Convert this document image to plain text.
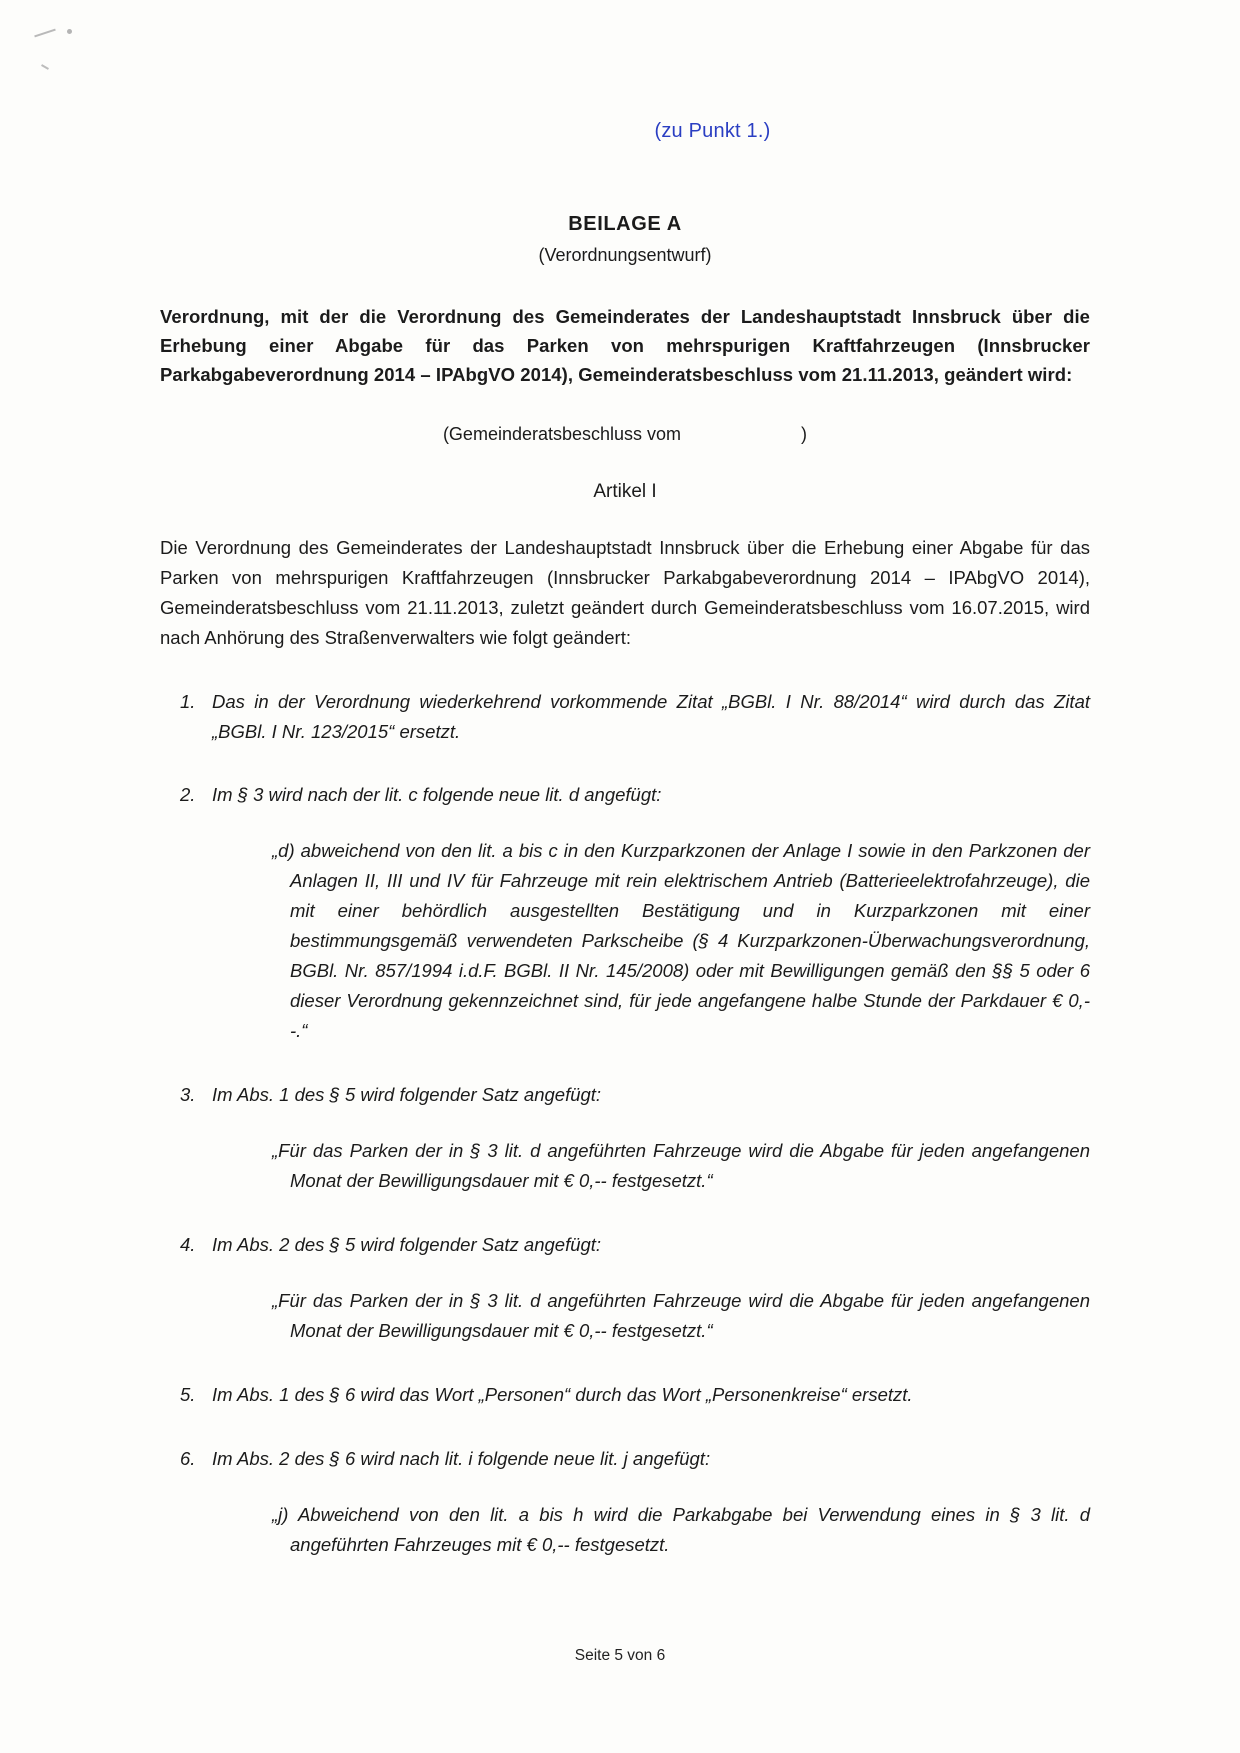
(zu Punkt 1.)
BEILAGE A
(Verordnungsentwurf)
Verordnung, mit der die Verordnung des Gemeinderates der Landeshauptstadt Innsbruck über die Erhebung einer Abgabe für das Parken von mehrspurigen Kraftfahrzeugen (Innsbrucker Parkabgabeverordnung 2014 – IPAbgVO 2014), Gemeinderatsbeschluss vom 21.11.2013, geändert wird:
(Gemeinderatsbeschluss vom	)
Artikel I
Die Verordnung des Gemeinderates der Landeshauptstadt Innsbruck über die Erhebung einer Abgabe für das Parken von mehrspurigen Kraftfahrzeugen (Innsbrucker Parkabgabeverordnung 2014 – IPAbgVO 2014), Gemeinderatsbeschluss vom 21.11.2013, zuletzt geändert durch Gemeinderatsbeschluss vom 16.07.2015, wird nach Anhörung des Straßenverwalters wie folgt geändert:
1. Das in der Verordnung wiederkehrend vorkommende Zitat „BGBl. I Nr. 88/2014“ wird durch das Zitat „BGBl. I Nr. 123/2015“ ersetzt.
2. Im § 3 wird nach der lit. c folgende neue lit. d angefügt:
„d) abweichend von den lit. a bis c in den Kurzparkzonen der Anlage I sowie in den Parkzonen der Anlagen II, III und IV für Fahrzeuge mit rein elektrischem Antrieb (Batterieelektrofahrzeuge), die mit einer behördlich ausgestellten Bestätigung und in Kurzparkzonen mit einer bestimmungsgemäß verwendeten Parkscheibe (§ 4 Kurzparkzonen-Überwachungsverordnung, BGBl. Nr. 857/1994 i.d.F. BGBl. II Nr. 145/2008) oder mit Bewilligungen gemäß den §§ 5 oder 6 dieser Verordnung gekennzeichnet sind, für jede angefangene halbe Stunde der Parkdauer € 0,--.“
3. Im Abs. 1 des § 5 wird folgender Satz angefügt:
„Für das Parken der in § 3 lit. d angeführten Fahrzeuge wird die Abgabe für jeden angefangenen Monat der Bewilligungsdauer mit € 0,-- festgesetzt.“
4. Im Abs. 2 des § 5 wird folgender Satz angefügt:
„Für das Parken der in § 3 lit. d angeführten Fahrzeuge wird die Abgabe für jeden angefangenen Monat der Bewilligungsdauer mit € 0,-- festgesetzt.“
5. Im Abs. 1 des § 6 wird das Wort „Personen“ durch das Wort „Personenkreise“ ersetzt.
6. Im Abs. 2 des § 6 wird nach lit. i folgende neue lit. j angefügt:
„j) Abweichend von den lit. a bis h wird die Parkabgabe bei Verwendung eines in § 3 lit. d angeführten Fahrzeuges mit € 0,-- festgesetzt.
Seite 5 von 6
